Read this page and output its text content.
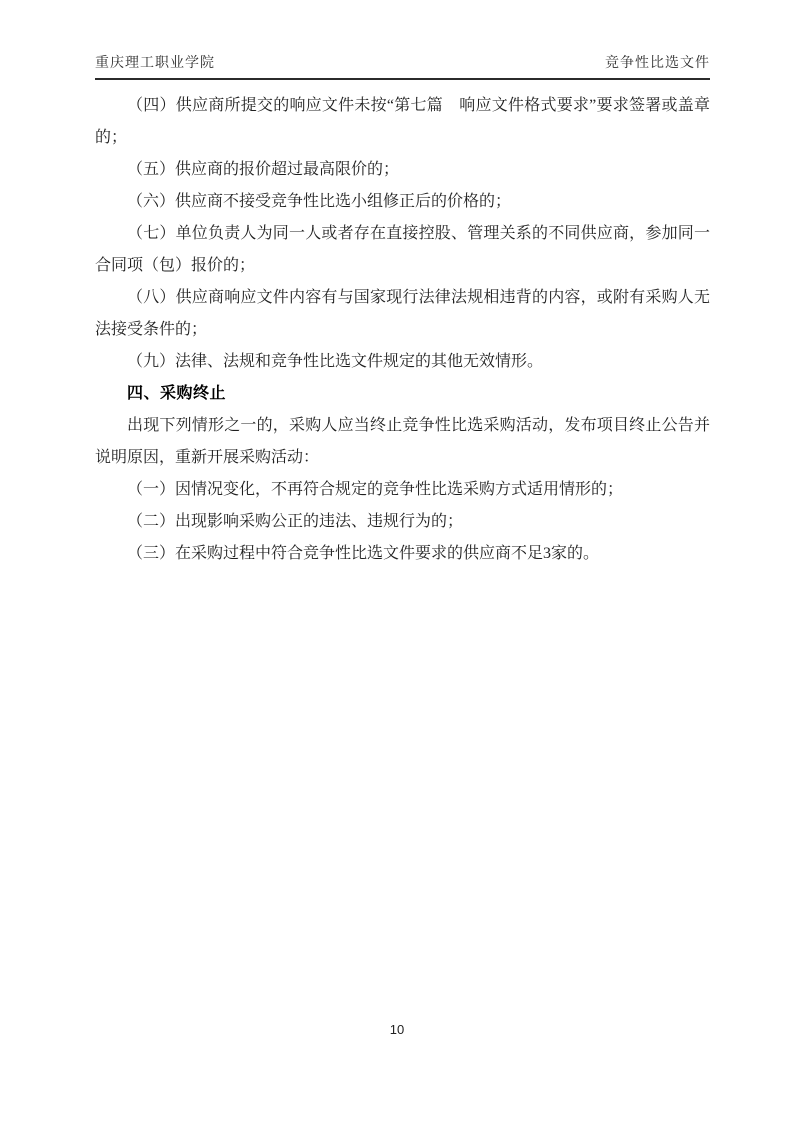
重庆理工职业学院	竞争性比选文件

（四）供应商所提交的响应文件未按“第七篇　响应文件格式要求”要求签署或盖章的；

（五）供应商的报价超过最高限价的；

（六）供应商不接受竞争性比选小组修正后的价格的；

（七）单位负责人为同一人或者存在直接控股、管理关系的不同供应商，参加同一合同项（包）报价的；

（八）供应商响应文件内容有与国家现行法律法规相违背的内容，或附有采购人无法接受条件的；

（九）法律、法规和竞争性比选文件规定的其他无效情形。

四、采购终止

出现下列情形之一的，采购人应当终止竞争性比选采购活动，发布项目终止公告并说明原因，重新开展采购活动：

（一）因情况变化，不再符合规定的竞争性比选采购方式适用情形的；

（二）出现影响采购公正的违法、违规行为的；

（三）在采购过程中符合竞争性比选文件要求的供应商不足3家的。

10
